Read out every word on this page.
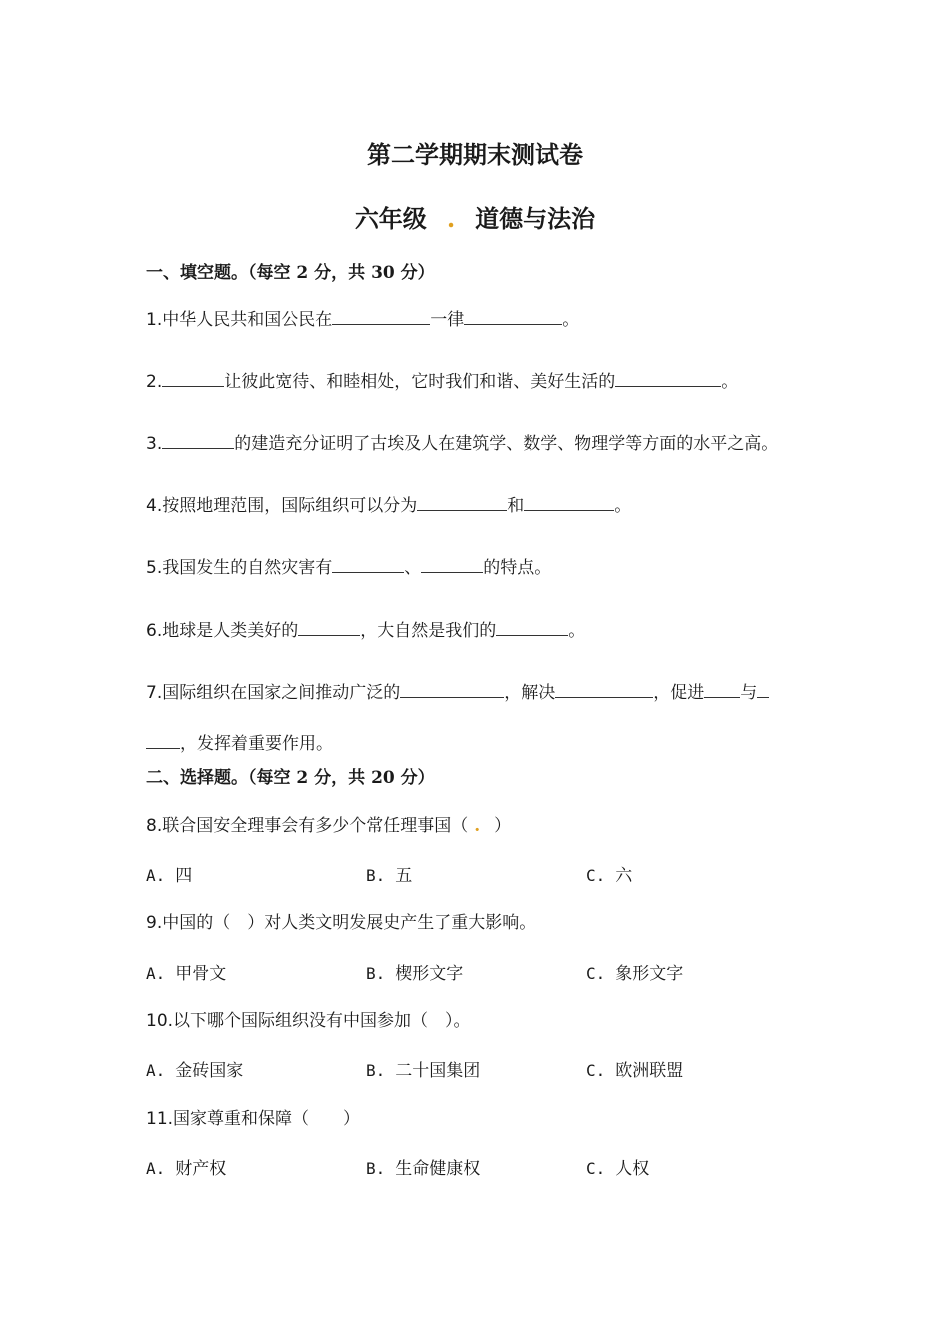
第二学期期末测试卷
六年级 . 道德与法治
一、填空题。（每空 2 分，共 30 分）
1.中华人民共和国公民在	一律	。
2.	让彼此宽待、和睦相处，它时我们和谐、美好生活的	。
3.	的建造充分证明了古埃及人在建筑学、数学、物理学等方面的水平之高。
4.按照地理范围，国际组织可以分为	和	。
5.我国发生的自然灾害有	、	的特点。
6.地球是人类美好的	，大自然是我们的	。
7.国际组织在国家之间推动广泛的	，解决	，促进 与
，发挥着重要作用。
二、选择题。（每空 2 分，共 20 分）
8.联合国安全理事会有多少个常任理事国（ . ）
A. 四	B. 五	C. 六
9.中国的（　）对人类文明发展史产生了重大影响。
A. 甲骨文	B. 楔形文字	C. 象形文字
10.以下哪个国际组织没有中国参加（　）。
A. 金砖国家	B. 二十国集团	C. 欧洲联盟
11.国家尊重和保障（　　）
A. 财产权	B. 生命健康权	C. 人权
